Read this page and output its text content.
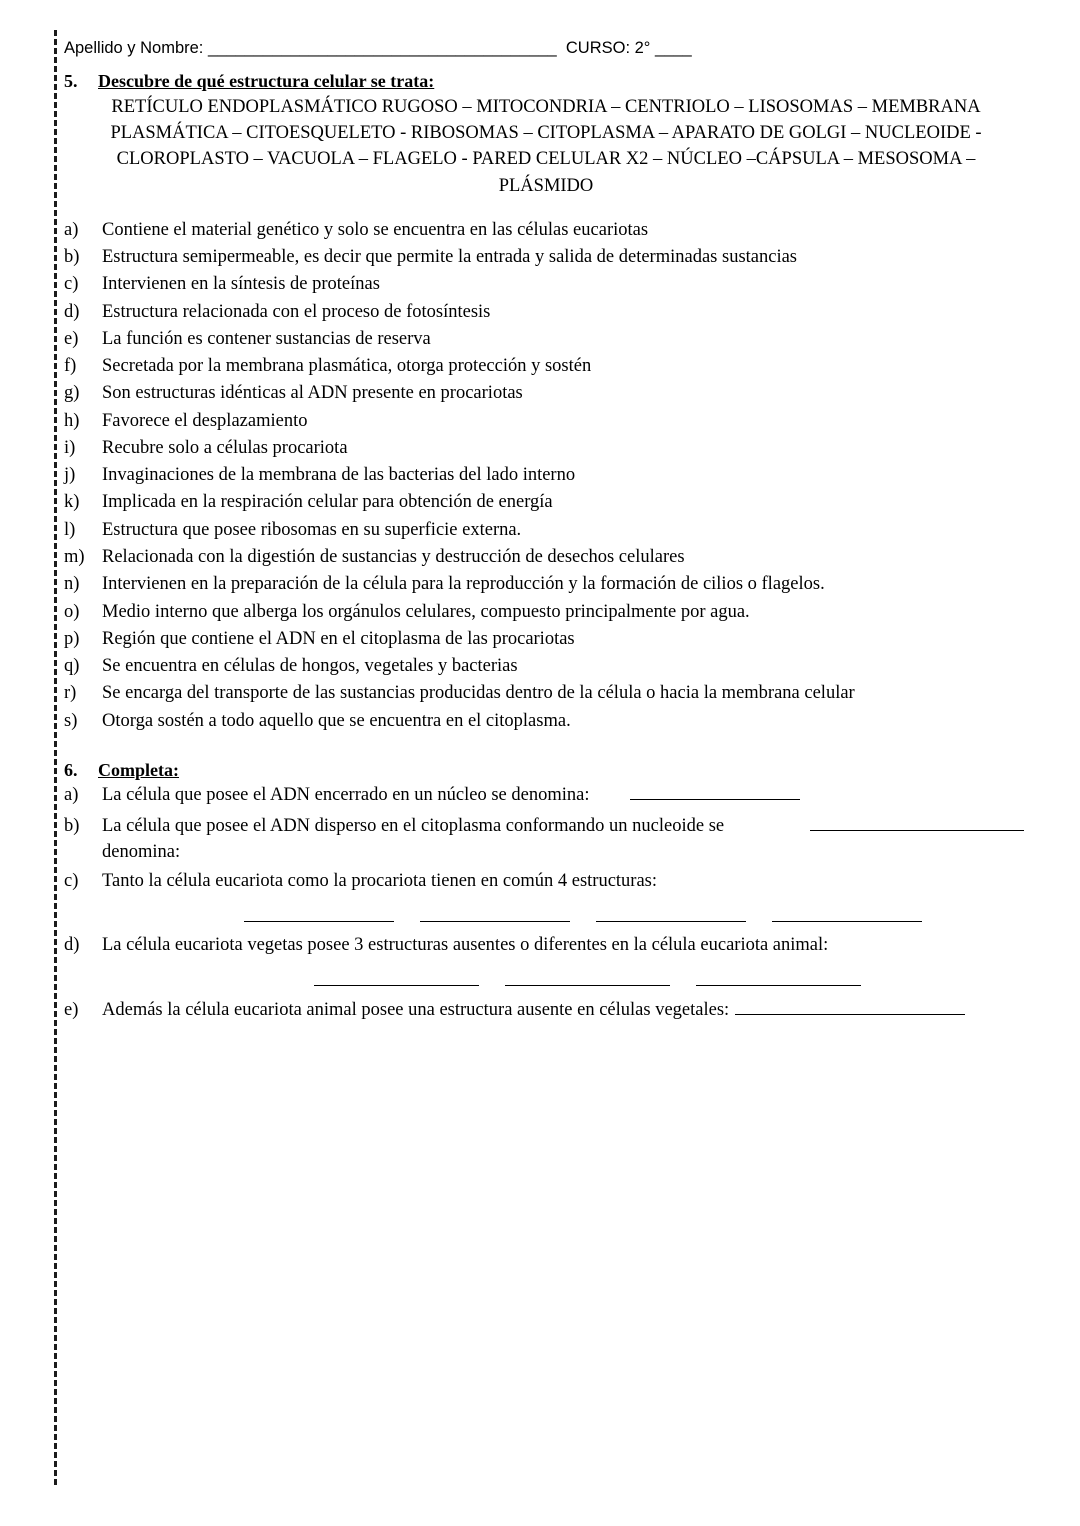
Apellido y Nombre: ______________________________________  CURSO: 2° ____
5.	Descubre de qué estructura celular se trata:
RETÍCULO ENDOPLASMÁTICO RUGOSO – MITOCONDRIA – CENTRIOLO – LISOSOMAS – MEMBRANA PLASMÁTICA – CITOESQUELETO - RIBOSOMAS – CITOPLASMA – APARATO DE GOLGI – NUCLEOIDE - CLOROPLASTO – VACUOLA – FLAGELO - PARED CELULAR X2 – NÚCLEO –CÁPSULA – MESOSOMA – PLÁSMIDO
a)	Contiene el material genético y solo se encuentra en las células eucariotas
b)	Estructura semipermeable, es decir que permite la entrada y salida de determinadas sustancias
c)	Intervienen en la síntesis de proteínas
d)	Estructura relacionada con el proceso de fotosíntesis
e)	La función es contener sustancias de reserva
f)	Secretada por la membrana plasmática, otorga protección y sostén
g)	Son estructuras idénticas al ADN presente en procariotas
h)	Favorece el desplazamiento
i)	Recubre solo a células procariota
j)	Invaginaciones de la membrana de las bacterias del lado interno
k)	Implicada en la respiración celular para obtención de energía
l)	Estructura que posee ribosomas en su superficie externa.
m) Relacionada con la digestión de sustancias y destrucción de desechos celulares
n)	Intervienen en la preparación de la célula para la reproducción y la formación de cilios o flagelos.
o)	Medio interno que alberga los orgánulos celulares, compuesto principalmente por agua.
p)	Región que contiene el ADN en el citoplasma de las procariotas
q)	Se encuentra en células de hongos, vegetales y bacterias
r)	Se encarga del transporte de las sustancias producidas dentro de la célula o hacia la membrana celular
s)	Otorga sostén a todo aquello que se encuentra en el citoplasma.
6.	Completa:
a)	La célula que posee el ADN encerrado en un núcleo se denomina:
b)	La célula que posee el ADN disperso en el citoplasma conformando un nucleoide se denomina:
c)	Tanto la célula eucariota como la procariota tienen en común 4 estructuras:
d)	La célula eucariota vegetas posee 3 estructuras ausentes o diferentes en la célula eucariota animal:
e)	Además la célula eucariota animal posee una estructura ausente en células vegetales:
